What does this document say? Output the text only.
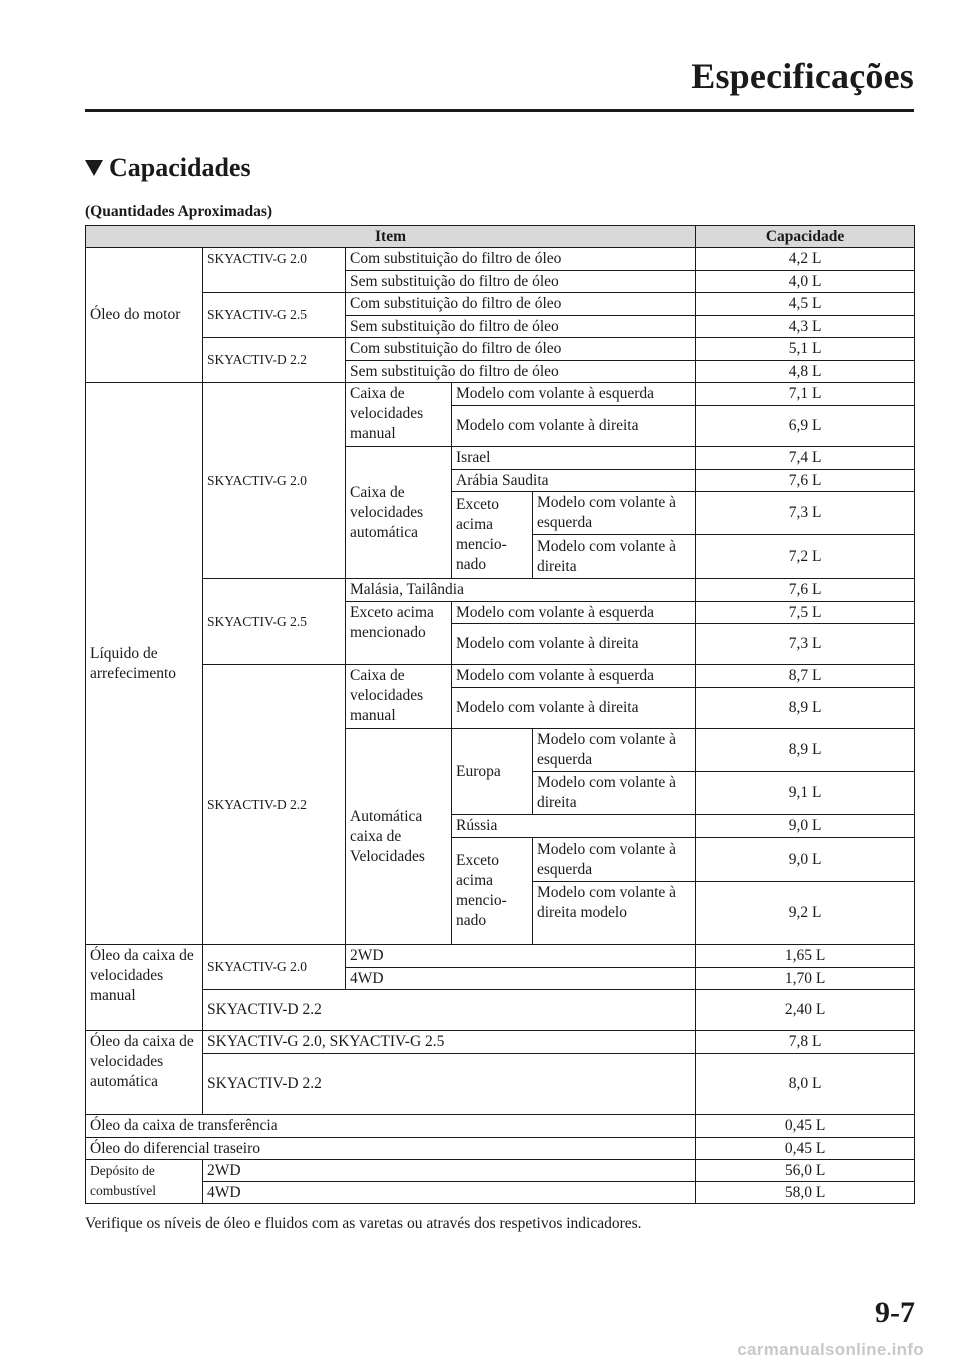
Especificações
Capacidades
(Quantidades Aproximadas)
Item					Capacidade
Óleo do motor	SKYACTIV-G 2.0	Com substituição do filtro de óleo			4,2 L
		Sem substituição do filtro de óleo			4,0 L
	SKYACTIV-G 2.5	Com substituição do filtro de óleo			4,5 L
		Sem substituição do filtro de óleo			4,3 L
	SKYACTIV-D 2.2	Com substituição do filtro de óleo			5,1 L
		Sem substituição do filtro de óleo			4,8 L
Líquido de arrefecimento	SKYACTIV-G 2.0	Caixa de velocidades manual	Modelo com volante à esquerda		7,1 L
			Modelo com volante à direita		6,9 L
		Caixa de velocidades automática	Israel		7,4 L
			Arábia Saudita		7,6 L
			Exceto acima mencio- nado	Modelo com volante à esquerda	7,3 L

				Modelo com volante à direita	7,2 L

	SKYACTIV-G 2.5	Malásia, Tailândia			7,6 L
		Exceto acima mencionado	Modelo com volante à esquerda		7,5 L
			Modelo com volante à direita		7,3 L
	SKYACTIV-D 2.2	Caixa de velocidades manual	Modelo com volante à esquerda		8,7 L
			Modelo com volante à direita		8,9 L
		Automática caixa de Velocidades	Europa	Modelo com volante à esquerda	8,9 L

				Modelo com volante à direita	9,1 L

			Rússia		9,0 L
			Exceto acima mencio- nado	Modelo com volante à esquerda	9,0 L
				Modelo com volante à direita modelo	9,2 L

Óleo da caixa de velocidades manual	SKYACTIV-G 2.0	2WD			1,65 L
		4WD			1,70 L
	SKYACTIV-D 2.2				2,40 L
Óleo da caixa de velocidades automática	SKYACTIV-G 2.0, SKYACTIV-G 2.5				7,8 L
	SKYACTIV-D 2.2				8,0 L
Óleo da caixa de transferência					0,45 L
Óleo do diferencial traseiro					0,45 L
Depósito de combustível	2WD				56,0 L
	4WD				58,0 L
Verifique os níveis de óleo e fluidos com as varetas ou através dos respetivos indicadores.
9-7
carmanualsonline.info
